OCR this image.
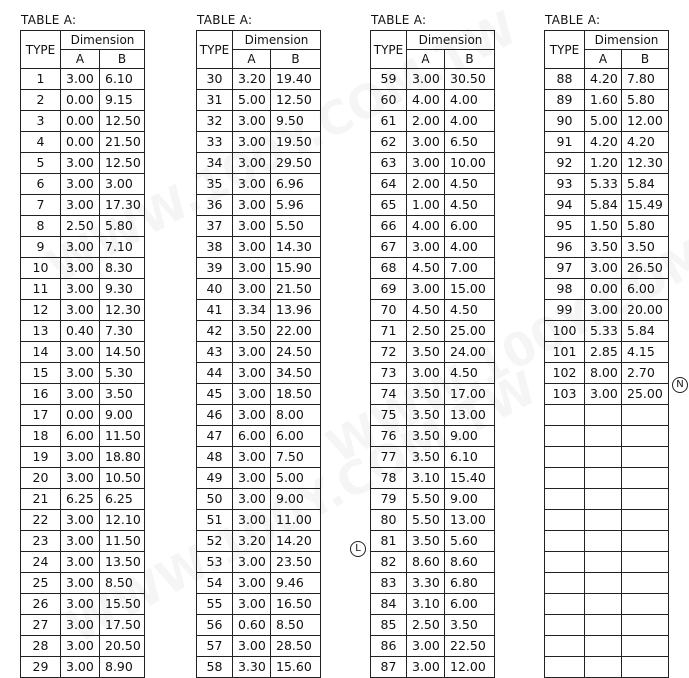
TABLE A:
TYPE	Dimension	
	A	B
1	3.00	6.10
2	0.00	9.15
3	0.00	12.50
4	0.00	21.50
5	3.00	12.50
6	3.00	3.00
7	3.00	17.30
8	2.50	5.80
9	3.00	7.10
10	3.00	8.30
11	3.00	9.30
12	3.00	12.30
13	0.40	7.30
14	3.00	14.50
15	3.00	5.30
16	3.00	3.50
17	0.00	9.00
18	6.00	11.50
19	3.00	18.80
20	3.00	10.50
21	6.25	6.25
22	3.00	12.10
23	3.00	11.50
24	3.00	13.50
25	3.00	8.50
26	3.00	15.50
27	3.00	17.50
28	3.00	20.50
29	3.00	8.90
TABLE A:
TYPE	Dimension	
	A	B
30	3.20	19.40
31	5.00	12.50
32	3.00	9.50
33	3.00	19.50
34	3.00	29.50
35	3.00	6.96
36	3.00	5.96
37	3.00	5.50
38	3.00	14.30
39	3.00	15.90
40	3.00	21.50
41	3.34	13.96
42	3.50	22.00
43	3.00	24.50
44	3.00	34.50
45	3.00	18.50
46	3.00	8.00
47	6.00	6.00
48	3.00	7.50
49	3.00	5.00
50	3.00	9.00
51	3.00	11.00
52	3.20	14.20
53	3.00	23.50
54	3.00	9.46
55	3.00	16.50
56	0.60	8.50
57	3.00	28.50
58	3.30	15.60
TABLE A:
TYPE	Dimension	
	A	B
59	3.00	30.50
60	4.00	4.00
61	2.00	4.00
62	3.00	6.50
63	3.00	10.00
64	2.00	4.50
65	1.00	4.50
66	4.00	6.00
67	3.00	4.00
68	4.50	7.00
69	3.00	15.00
70	4.50	4.50
71	2.50	25.00
72	3.50	24.00
73	3.00	4.50
74	3.50	17.00
75	3.50	13.00
76	3.50	9.00
77	3.50	6.10
78	3.10	15.40
79	5.50	9.00
80	5.50	13.00
81	3.50	5.60
82	8.60	8.60
83	3.30	6.80
84	3.10	6.00
85	2.50	3.50
86	3.00	22.50
87	3.00	12.00
TABLE A:
TYPE	Dimension	
	A	B
88	4.20	7.80
89	1.60	5.80
90	5.00	12.00
91	4.20	4.20
92	1.20	12.30
93	5.33	5.84
94	5.84	15.49
95	1.50	5.80
96	3.50	3.50
97	3.00	26.50
98	0.00	6.00
99	3.00	20.00
100	5.33	5.84
101	2.85	4.15
102	8.00	2.70
103	3.00	25.00

L
N
